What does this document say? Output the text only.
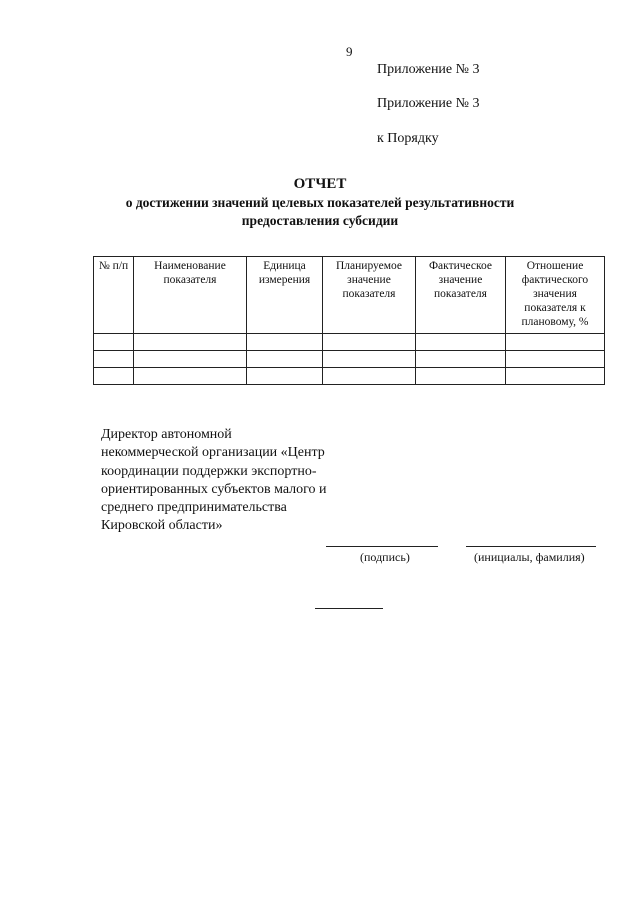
9
Приложение № 3
Приложение № 3
к Порядку
ОТЧЕТ
о достижении значений целевых показателей результативности предоставления субсидии
№ п/п	Наименование показателя	Единица измерения	Планируемое значение показателя	Фактическое значение показателя	Отношение фактического значения показателя к плановому, %

Директор автономной некоммерческой организации «Центр координации поддержки экспортно-ориентированных субъектов малого и среднего предпринимательства Кировской области»
(подпись)	(инициалы, фамилия)
